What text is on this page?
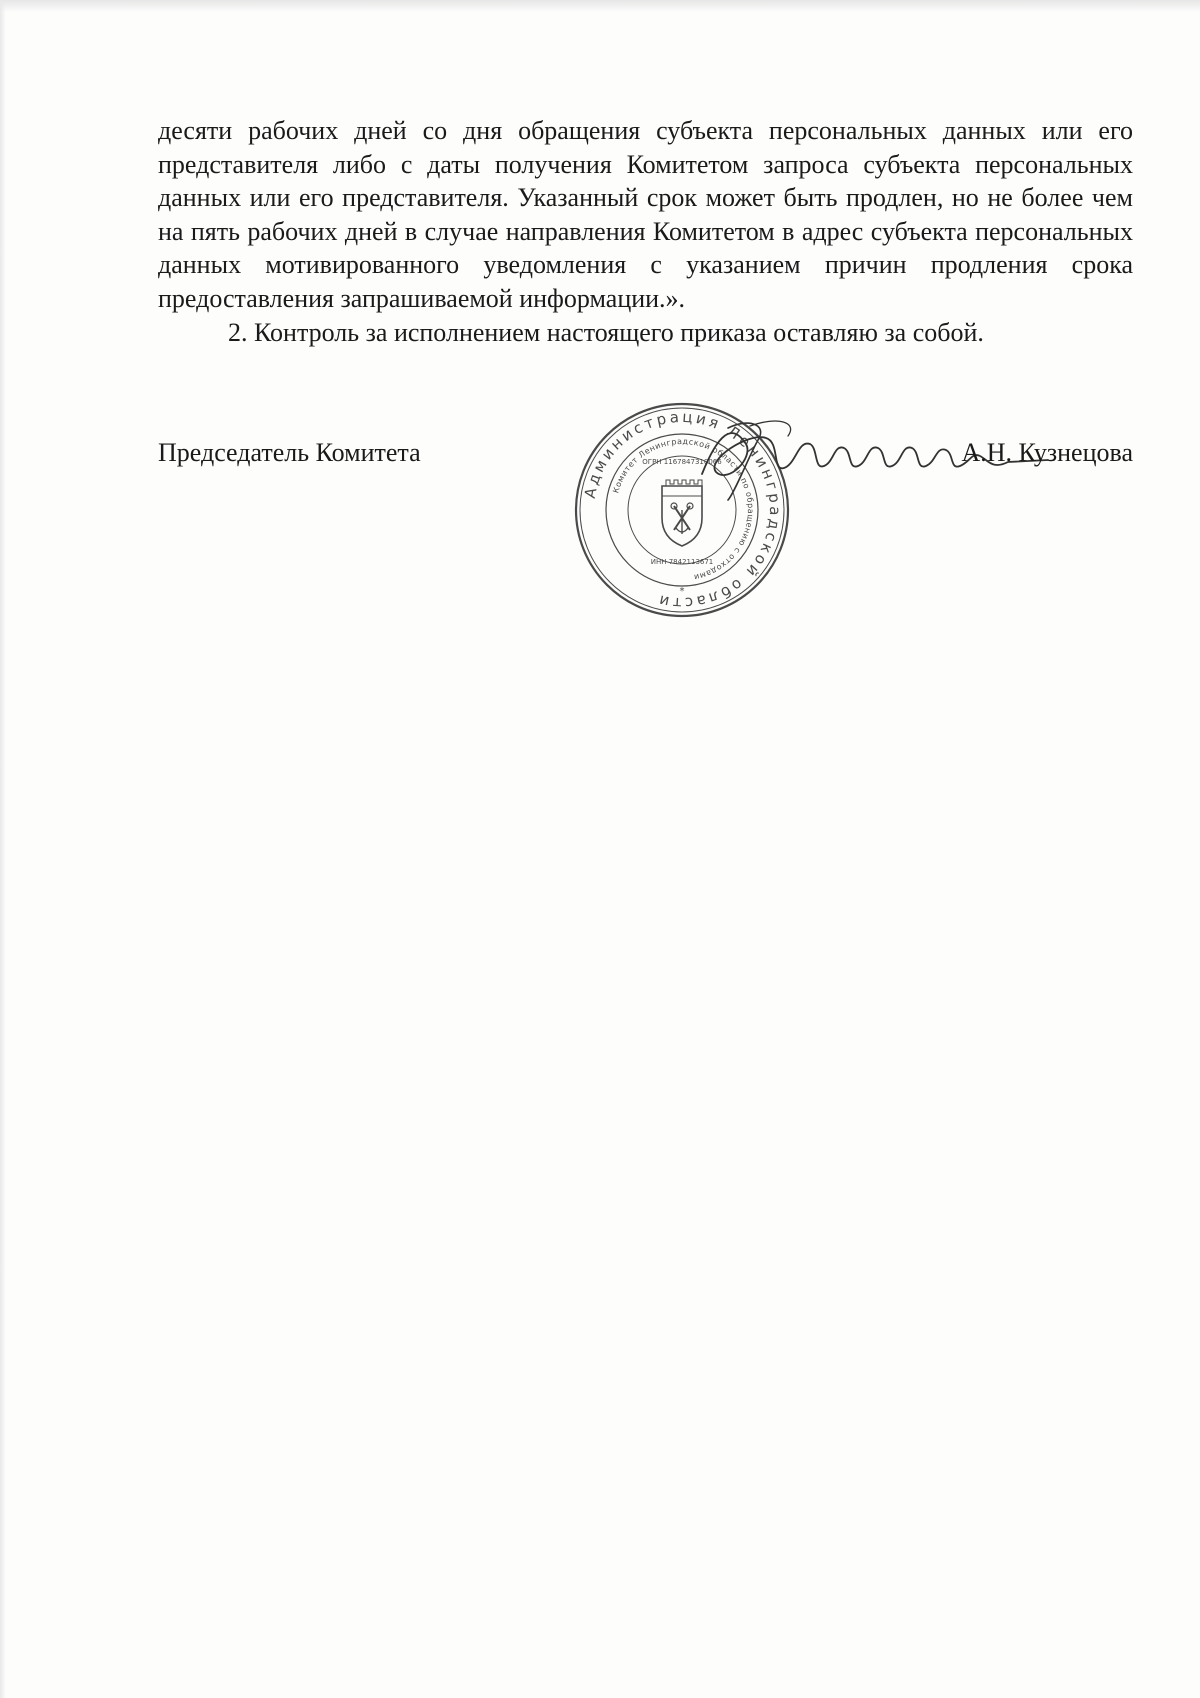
десяти рабочих дней со дня обращения субъекта персональных данных или его представителя либо с даты получения Комитетом запроса субъекта персональных данных или его представителя. Указанный срок может быть продлен, но не более чем на пять рабочих дней в случае направления Комитетом в адрес субъекта персональных данных мотивированного уведомления с указанием причин продления срока предоставления запрашиваемой информации.».

2. Контроль за исполнением настоящего приказа оставляю за собой.

Председатель Комитета
Администрация Ленинградской области
Комитет Ленинградской области по обращению с отходами
ОГРН 1167847310066
ИНН 7842113671
*
А.Н. Кузнецова
